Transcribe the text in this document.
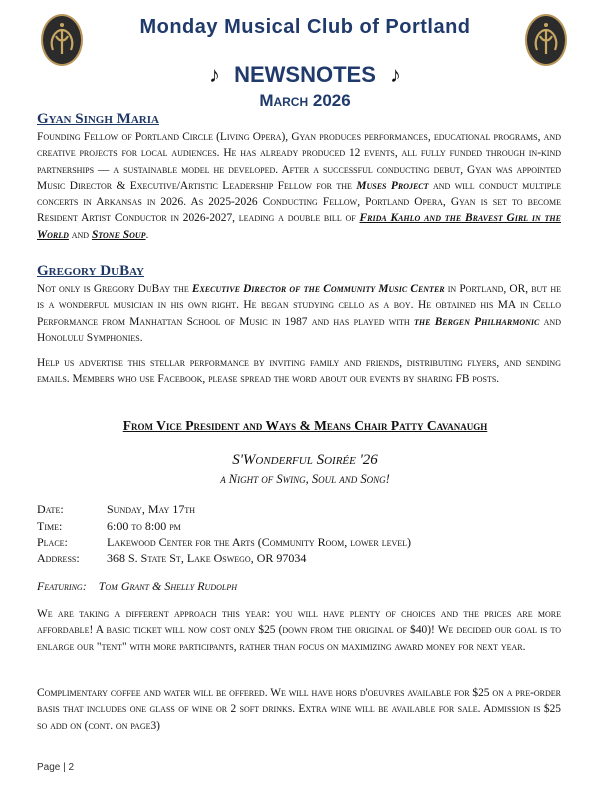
Monday Musical Club of Portland
♪ NEWSNOTES ♪
March 2026
Gyan Singh Maria
Founding Fellow of Portland Circle (Living Opera), Gyan produces performances, educational programs, and creative projects for local audiences. He has already produced 12 events, all fully funded through in-kind partnerships — a sustainable model he developed. After a successful conducting debut, Gyan was appointed Music Director & Executive/Artistic Leadership Fellow for the Muses Project and will conduct multiple concerts in Arkansas in 2026. As 2025-2026 Conducting Fellow, Portland Opera, Gyan is set to become Resident Artist Conductor in 2026-2027, leading a double bill of Frida Kahlo and the Bravest Girl in the World and Stone Soup.
Gregory DuBay
Not only is Gregory DuBay the Executive Director of the Community Music Center in Portland, OR, but he is a wonderful musician in his own right. He began studying cello as a boy. He obtained his MA in Cello Performance from Manhattan School of Music in 1987 and has played with the Bergen Philharmonic and Honolulu Symphonies.
Help us advertise this stellar performance by inviting family and friends, distributing flyers, and sending emails. Members who use Facebook, please spread the word about our events by sharing FB posts.
From Vice President and Ways & Means Chair Patty Cavanaugh
S'Wonderful Soirée '26
a Night of Swing, Soul and Song!
Date:	Sunday, May 17th
Time:	6:00 to 8:00 pm
Place:	Lakewood Center for the Arts (Community Room, lower level)
Address: 368 S. State St, Lake Oswego, OR 97034
Featuring: Tom Grant & Shelly Rudolph
We are taking a different approach this year: you will have plenty of choices and the prices are more affordable! A basic ticket will now cost only $25 (down from the original of $40)! We decided our goal is to enlarge our "tent" with more participants, rather than focus on maximizing award money for next year.
Complimentary coffee and water will be offered. We will have hors d'oeuvres available for $25 on a pre-order basis that includes one glass of wine or 2 soft drinks. Extra wine will be available for sale. Admission is $25 so add on (cont. on page3)
Page | 2
